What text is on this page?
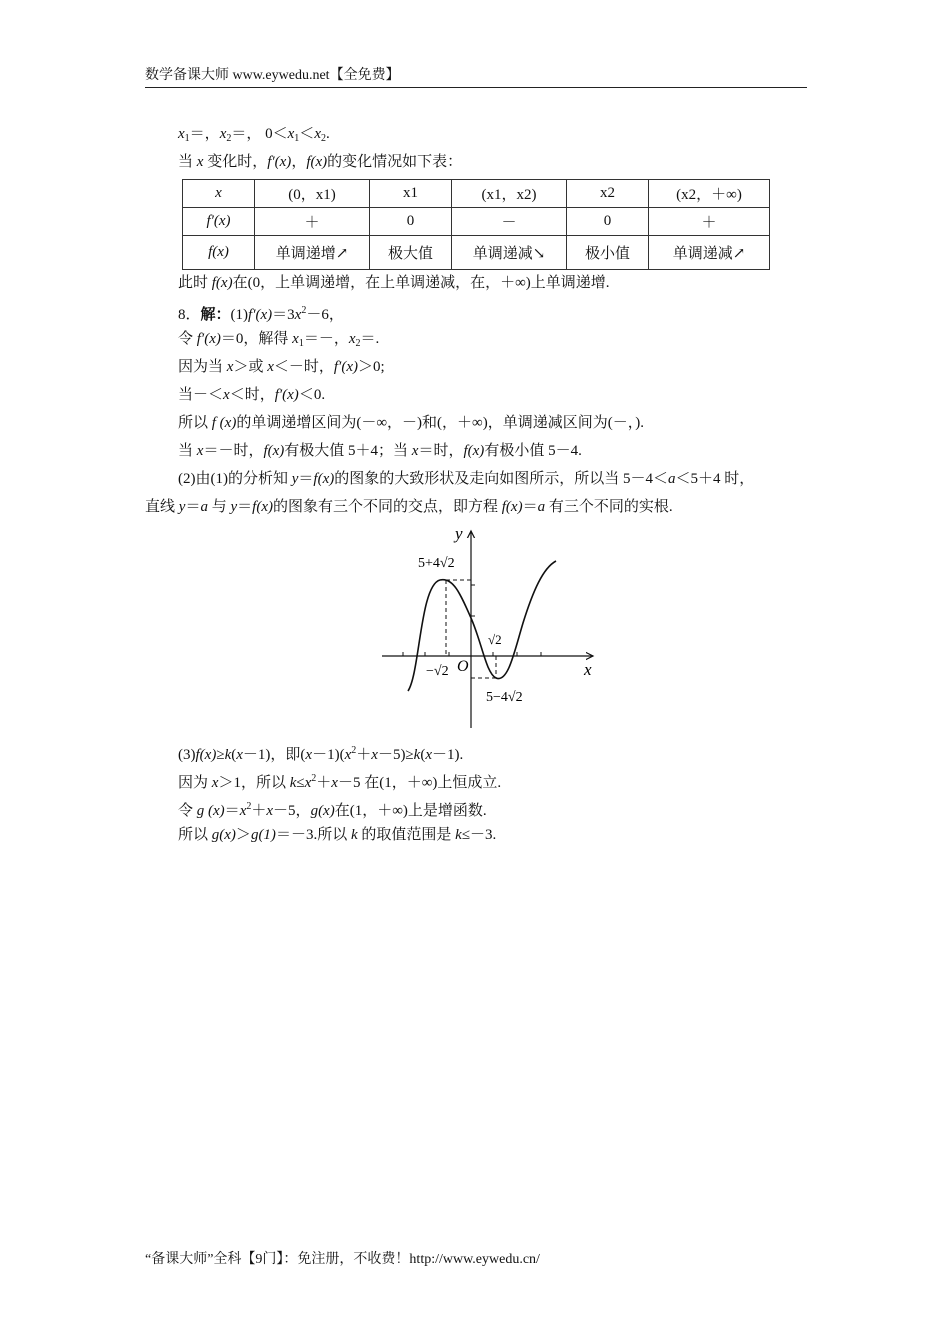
数学备课大师 www.eywedu.net【全免费】
$x_1=$，$x_2=$， $0<x_1<x_2$.
当 x 变化时，f′(x)，f(x)的变化情况如下表：
x	(0，x1)	x1	(x1，x2)	x2	(x2，＋∞)
f′(x)	＋	0	－	0	＋
f(x)	单调递增↗	极大值	单调递减↘	极小值	单调递减↗
此时 f(x)在(0，上单调递增，在上单调递减，在，＋∞)上单调递增.
8．解：$(1)f'(x)=3x^2-6$，
令 f′(x)＝0，解得 $x_1=-$，$x_2=$.
因为当 x＞或 x＜－时，f′(x)＞0;
当－＜x＜时，f′(x)＜0.
所以 f (x)的单调递增区间为(－∞，－)和(，＋∞)，单调递减区间为(－，).
当 x＝－时，f(x)有极大值 5＋4；当 x＝时，f(x)有极小值 5－4.
(2)由(1)的分析知 y＝f(x)的图象的大致形状及走向如图所示，所以当 5－4＜a＜5＋4 时，
直线 y＝a 与 y＝f(x)的图象有三个不同的交点，即方程 f(x)＝a 有三个不同的实根.
5+4√2
5−4√2
−√2
√2
O	x
y
(3)f(x)≥k(x－1)，即$(x-1)(x^2+x-5)\ge k(x-1)$.
因为 x＞1，所以 $k\le x^2+x-5$ 在(1，＋∞)上恒成立.
令 g $(x)=x^2+x-5$，g(x)在(1，＋∞)上是增函数.
所以 g(x)＞g(1)＝－3.所以 k 的取值范围是 k≤－3.
“备课大师”全科【9门】：免注册，不收费！http://www.eywedu.cn/
